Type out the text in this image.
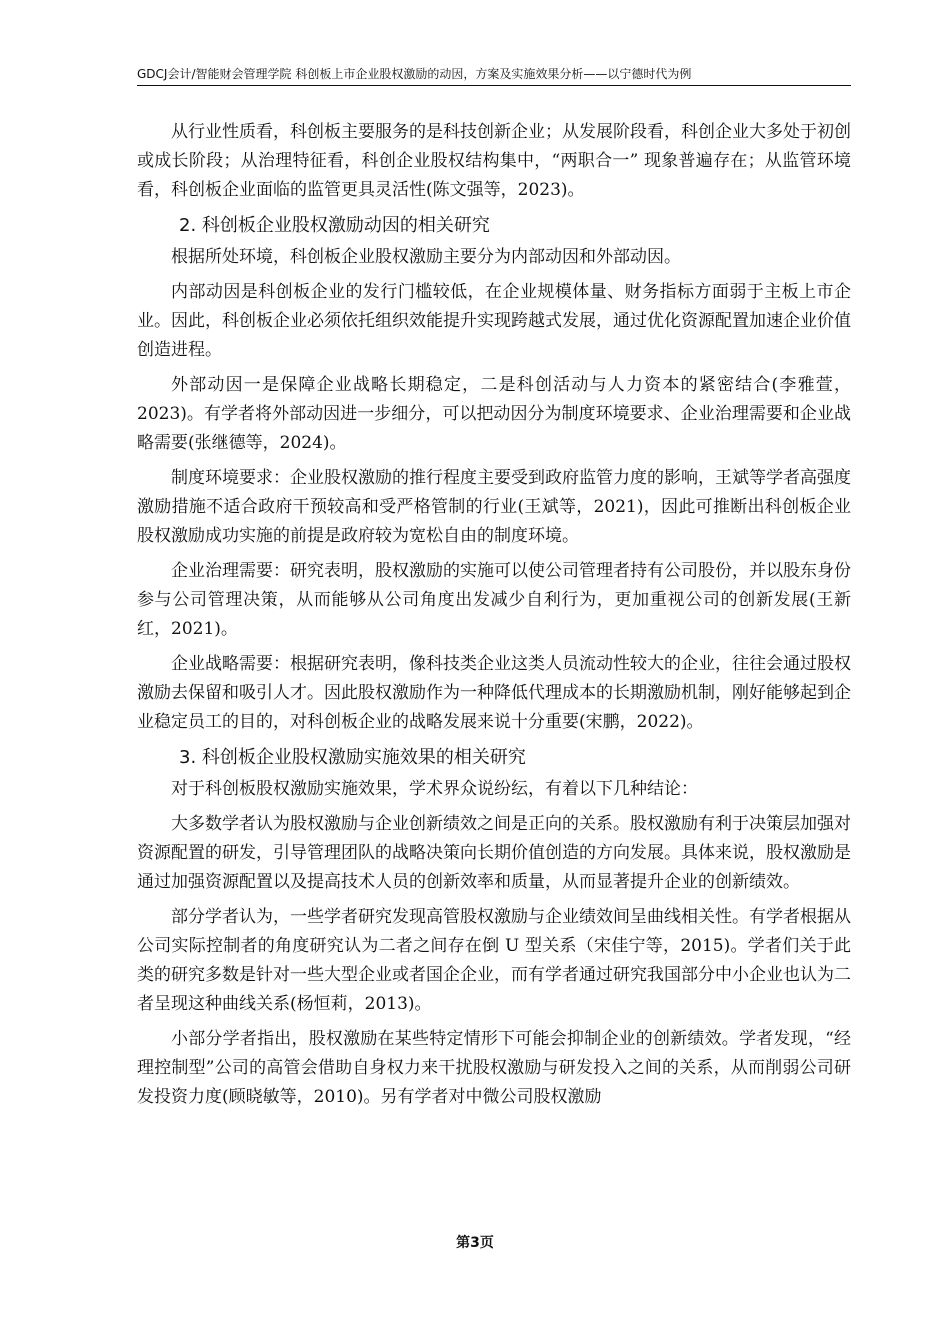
GDCJ会计/智能财会管理学院 科创板上市企业股权激励的动因，方案及实施效果分析——以宁德时代为例

从行业性质看，科创板主要服务的是科技创新企业；从发展阶段看，科创企业大多处于初创或成长阶段；从治理特征看，科创企业股权结构集中，“两职合一” 现象普遍存在；从监管环境看，科创板企业面临的监管更具灵活性(陈文强等，2023)。

2. 科创板企业股权激励动因的相关研究

根据所处环境，科创板企业股权激励主要分为内部动因和外部动因。

内部动因是科创板企业的发行门槛较低，在企业规模体量、财务指标方面弱于主板上市企业。因此，科创板企业必须依托组织效能提升实现跨越式发展，通过优化资源配置加速企业价值创造进程。

外部动因一是保障企业战略长期稳定，二是科创活动与人力资本的紧密结合(李雅萱，2023)。有学者将外部动因进一步细分，可以把动因分为制度环境要求、企业治理需要和企业战略需要(张继德等，2024)。

制度环境要求：企业股权激励的推行程度主要受到政府监管力度的影响，王斌等学者高强度激励措施不适合政府干预较高和受严格管制的行业(王斌等，2021)，因此可推断出科创板企业股权激励成功实施的前提是政府较为宽松自由的制度环境。

企业治理需要：研究表明，股权激励的实施可以使公司管理者持有公司股份，并以股东身份参与公司管理决策，从而能够从公司角度出发减少自利行为，更加重视公司的创新发展(王新红，2021)。

企业战略需要：根据研究表明，像科技类企业这类人员流动性较大的企业，往往会通过股权激励去保留和吸引人才。因此股权激励作为一种降低代理成本的长期激励机制，刚好能够起到企业稳定员工的目的，对科创板企业的战略发展来说十分重要(宋鹏，2022)。

3. 科创板企业股权激励实施效果的相关研究

对于科创板股权激励实施效果，学术界众说纷纭，有着以下几种结论：

大多数学者认为股权激励与企业创新绩效之间是正向的关系。股权激励有利于决策层加强对资源配置的研发，引导管理团队的战略决策向长期价值创造的方向发展。具体来说，股权激励是通过加强资源配置以及提高技术人员的创新效率和质量，从而显著提升企业的创新绩效。

部分学者认为，一些学者研究发现高管股权激励与企业绩效间呈曲线相关性。有学者根据从公司实际控制者的角度研究认为二者之间存在倒 U 型关系（宋佳宁等，2015)。学者们关于此类的研究多数是针对一些大型企业或者国企企业，而有学者通过研究我国部分中小企业也认为二者呈现这种曲线关系(杨恒莉，2013)。

小部分学者指出，股权激励在某些特定情形下可能会抑制企业的创新绩效。学者发现，“经理控制型”公司的高管会借助自身权力来干扰股权激励与研发投入之间的关系，从而削弱公司研发投资力度(顾晓敏等，2010)。另有学者对中微公司股权激励

第3页
